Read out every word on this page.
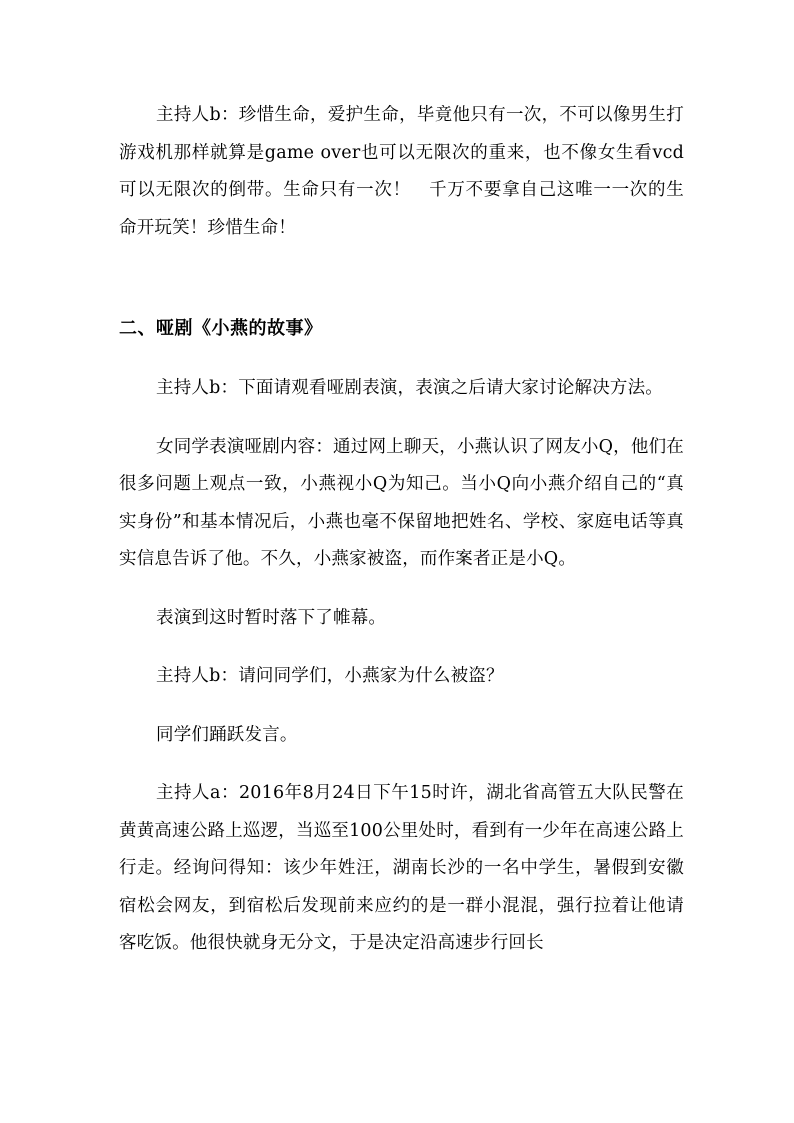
主持人b：珍惜生命，爱护生命，毕竟他只有一次，不可以像男生打游戏机那样就算是game over也可以无限次的重来，也不像女生看vcd可以无限次的倒带。生命只有一次！　千万不要拿自己这唯一一次的生命开玩笑！珍惜生命！

二、哑剧《小燕的故事》

主持人b：下面请观看哑剧表演，表演之后请大家讨论解决方法。

女同学表演哑剧内容：通过网上聊天，小燕认识了网友小Q，他们在很多问题上观点一致，小燕视小Q为知己。当小Q向小燕介绍自己的“真实身份”和基本情况后，小燕也毫不保留地把姓名、学校、家庭电话等真实信息告诉了他。不久，小燕家被盗，而作案者正是小Q。

表演到这时暂时落下了帷幕。

主持人b：请问同学们，小燕家为什么被盗？

同学们踊跃发言。

主持人a：2016年8月24日下午15时许，湖北省高管五大队民警在黄黄高速公路上巡逻，当巡至100公里处时，看到有一少年在高速公路上行走。经询问得知：该少年姓汪，湖南长沙的一名中学生，暑假到安徽宿松会网友，到宿松后发现前来应约的是一群小混混，强行拉着让他请客吃饭。他很快就身无分文，于是决定沿高速步行回长
